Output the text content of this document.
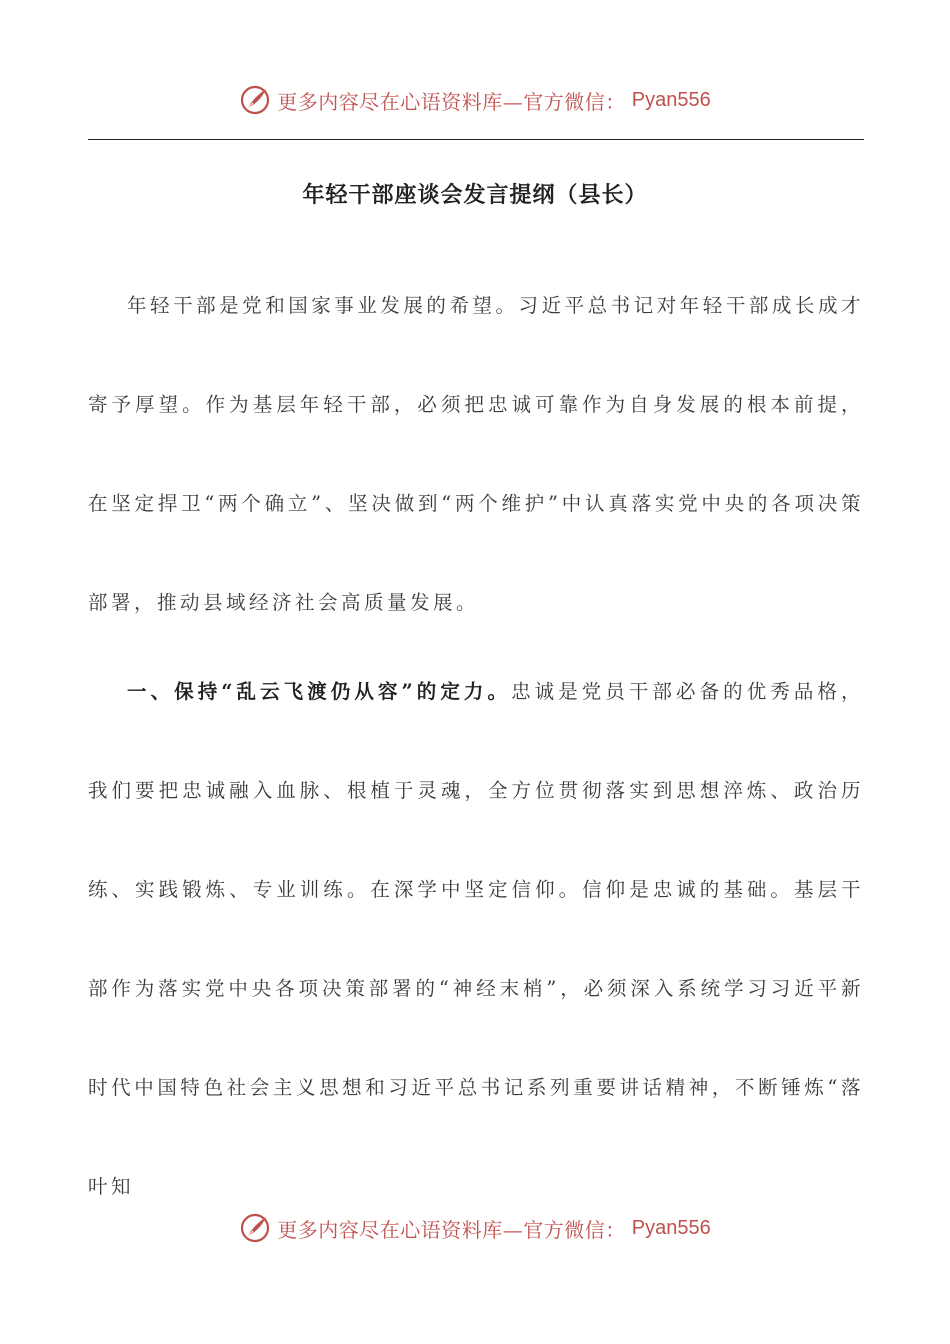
更多内容尽在心语资料库—官方微信： Pyan556
年轻干部座谈会发言提纲（县长）

年轻干部是党和国家事业发展的希望。习近平总书记对年轻干部成长成才寄予厚望。作为基层年轻干部，必须把忠诚可靠作为自身发展的根本前提，在坚定捍卫“两个确立”、坚决做到“两个维护”中认真落实党中央的各项决策部署，推动县域经济社会高质量发展。

一、保持“乱云飞渡仍从容”的定力。忠诚是党员干部必备的优秀品格，我们要把忠诚融入血脉、根植于灵魂，全方位贯彻落实到思想淬炼、政治历练、实践锻炼、专业训练。在深学中坚定信仰。信仰是忠诚的基础。基层干部作为落实党中央各项决策部署的“神经末梢”，必须深入系统学习习近平新时代中国特色社会主义思想和习近平总书记系列重要讲话精神，不断锤炼“落叶知

更多内容尽在心语资料库—官方微信： Pyan556
